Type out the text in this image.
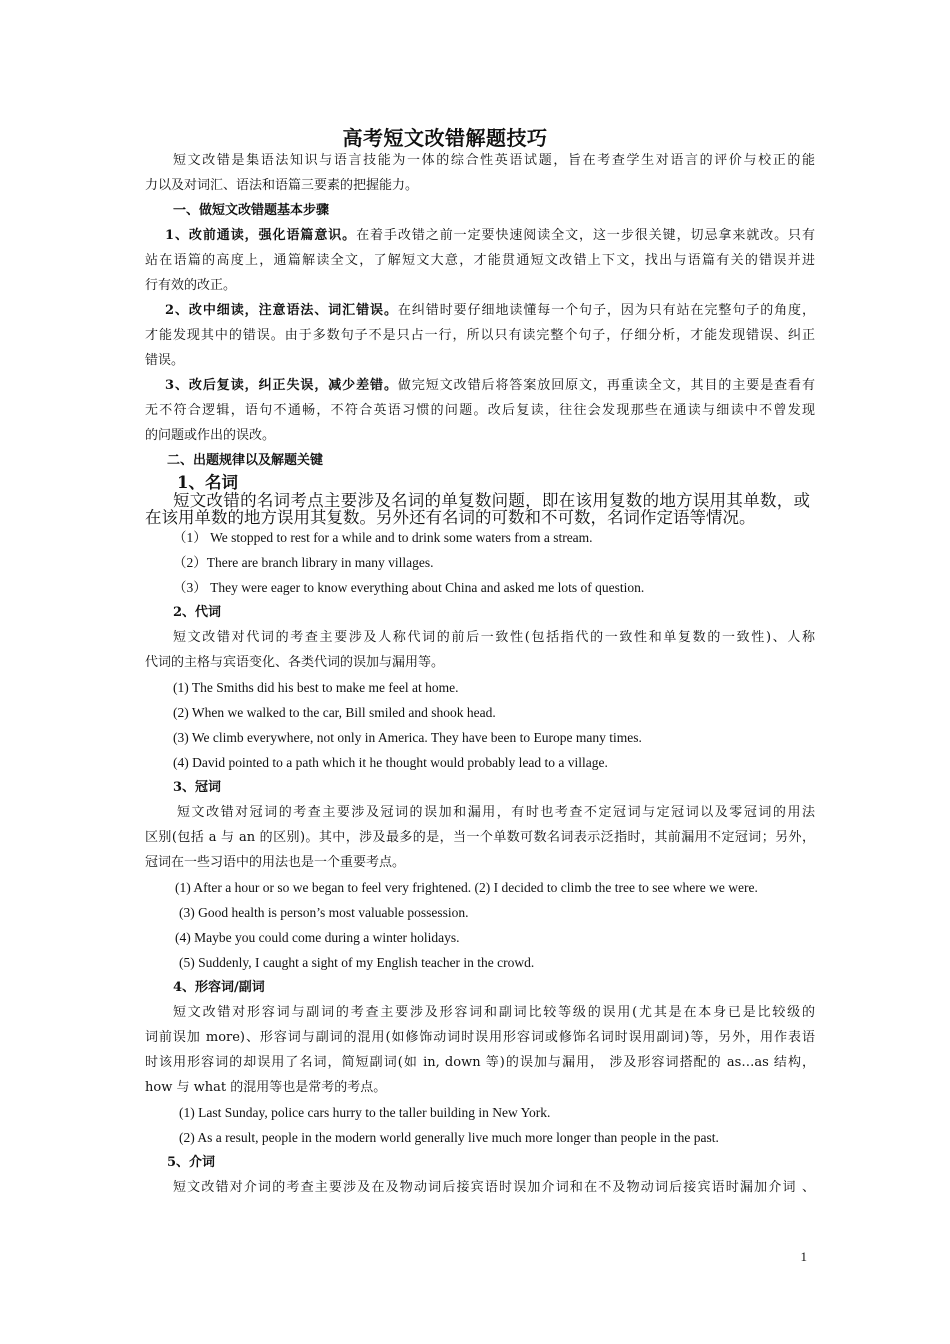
高考短文改错解题技巧
短文改错是集语法知识与语言技能为一体的综合性英语试题，旨在考查学生对语言的评价与校正的能
力以及对词汇、语法和语篇三要素的把握能力。
一、做短文改错题基本步骤
1、改前通读，强化语篇意识。在着手改错之前一定要快速阅读全文，这一步很关键，切忌拿来就改。只有
站在语篇的高度上，通篇解读全文，了解短文大意，才能贯通短文改错上下文，找出与语篇有关的错误并进
行有效的改正。
2、改中细读，注意语法、词汇错误。在纠错时要仔细地读懂每一个句子，因为只有站在完整句子的角度，
才能发现其中的错误。由于多数句子不是只占一行，所以只有读完整个句子，仔细分析，才能发现错误、纠正
错误。
3、改后复读，纠正失误，减少差错。做完短文改错后将答案放回原文，再重读全文，其目的主要是查看有
无不符合逻辑，语句不通畅，不符合英语习惯的问题。改后复读，往往会发现那些在通读与细读中不曾发现
的问题或作出的误改。
二、出题规律以及解题关键
1、名词
短文改错的名词考点主要涉及名词的单复数问题，即在该用复数的地方误用其单数，或
在该用单数的地方误用其复数。另外还有名词的可数和不可数，名词作定语等情况。
（1） We stopped to rest for a while and to drink some waters from a stream.
（2）There are branch library in many villages.
（3） They were eager to know everything about China and asked me lots of question.
2、代词
短文改错对代词的考查主要涉及人称代词的前后一致性(包括指代的一致性和单复数的一致性)、人称
代词的主格与宾语变化、各类代词的误加与漏用等。
(1) The Smiths did his best to make me feel at home.
(2) When we walked to the car, Bill smiled and shook head.
(3) We climb everywhere, not only in America. They have been to Europe many times.
(4) David pointed to a path which it he thought would probably lead to a village.
3、冠词
短文改错对冠词的考查主要涉及冠词的误加和漏用，有时也考查不定冠词与定冠词以及零冠词的用法
区别(包括 a 与 an 的区别)。其中，涉及最多的是，当一个单数可数名词表示泛指时，其前漏用不定冠词；另外，
冠词在一些习语中的用法也是一个重要考点。
(1) After a hour or so we began to feel very frightened. (2) I decided to climb the tree to see where we were.
(3) Good health is person’s most valuable possession.
(4) Maybe you could come during a winter holidays.
(5) Suddenly, I caught a sight of my English teacher in the crowd.
4、形容词/副词
短文改错对形容词与副词的考查主要涉及形容词和副词比较等级的误用(尤其是在本身已是比较级的
词前误加 more)、形容词与副词的混用(如修饰动词时误用形容词或修饰名词时误用副词)等，另外，用作表语
时该用形容词的却误用了名词，简短副词(如 in, down 等)的误加与漏用， 涉及形容词搭配的 as…as 结构，
how 与 what 的混用等也是常考的考点。
(1) Last Sunday, police cars hurry to the taller building in New York.
(2) As a result, people in the modern world generally live much more longer than people in the past.
5、介词
短文改错对介词的考查主要涉及在及物动词后接宾语时误加介词和在不及物动词后接宾语时漏加介词 、
1
